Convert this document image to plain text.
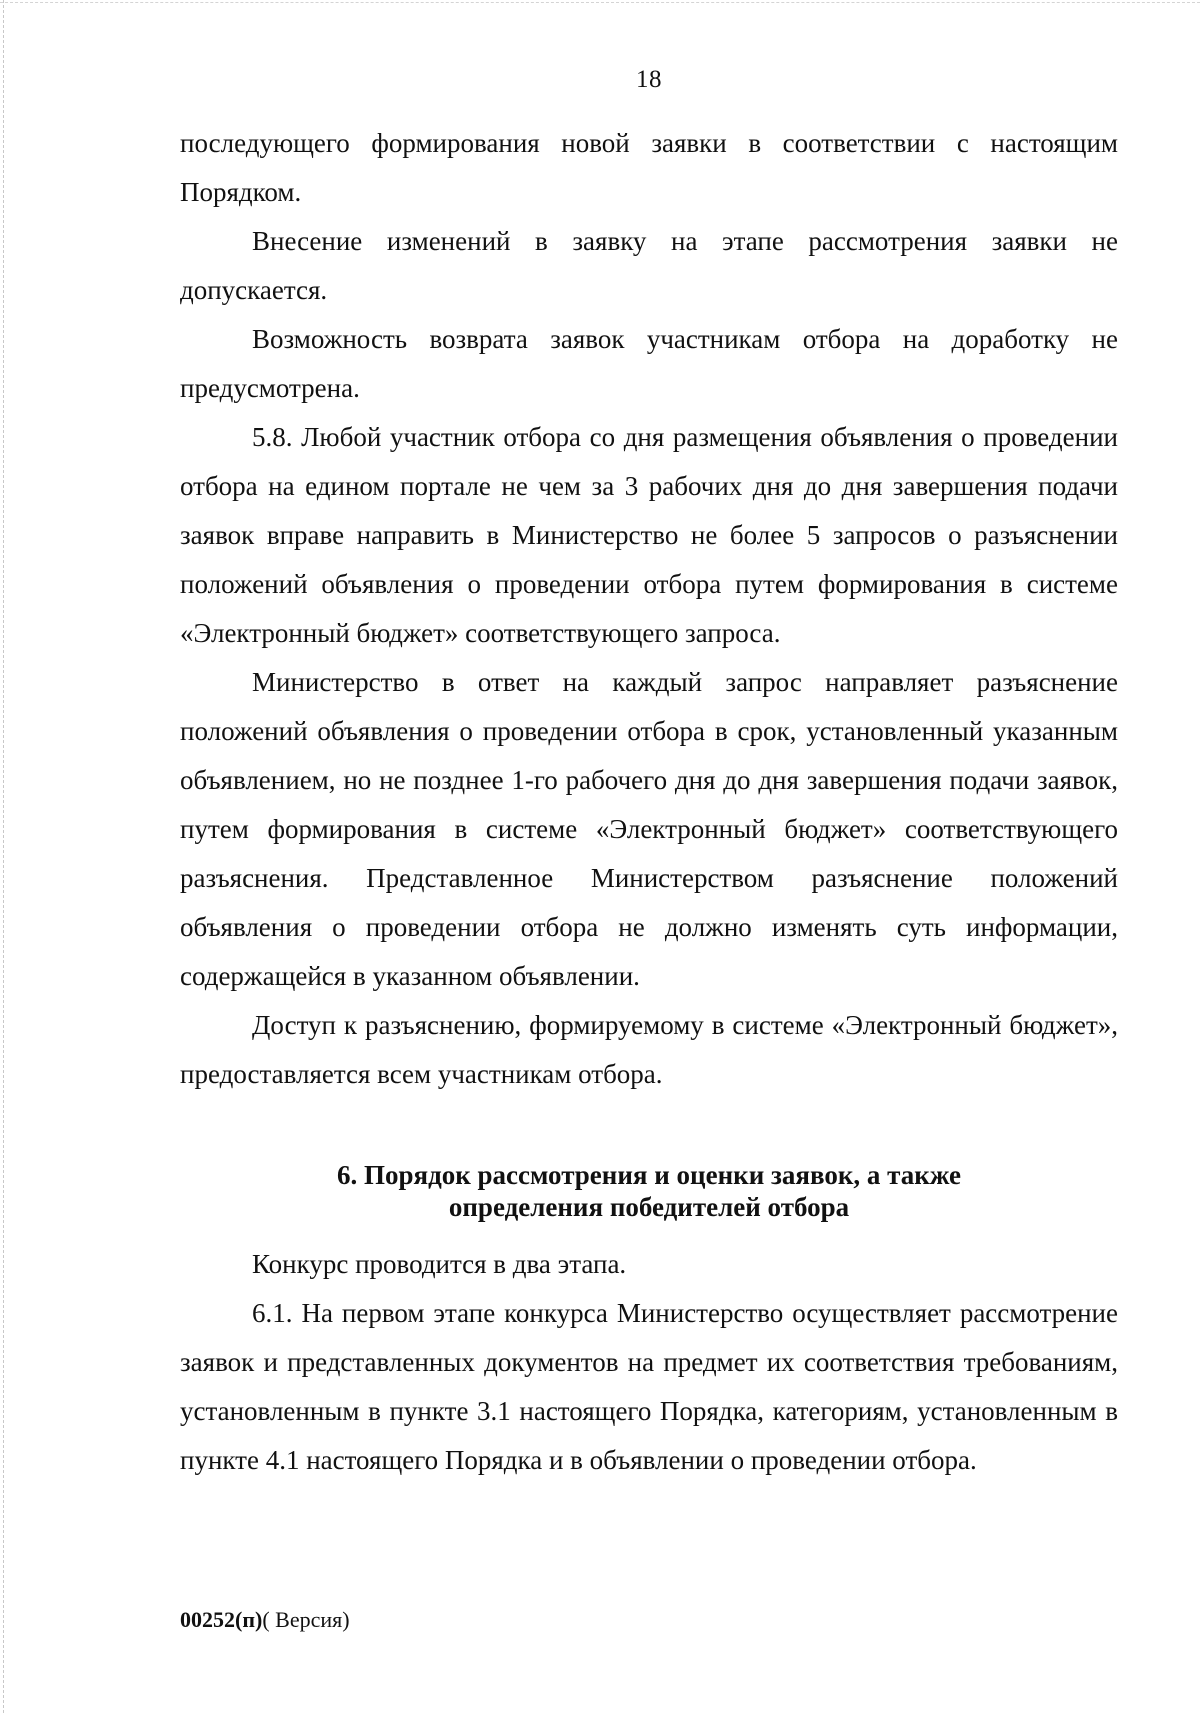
18

последующего формирования новой заявки в соответствии с настоящим Порядком.

Внесение изменений в заявку на этапе рассмотрения заявки не допускается.

Возможность возврата заявок участникам отбора на доработку не предусмотрена.

5.8. Любой участник отбора со дня размещения объявления о проведении отбора на едином портале не чем за 3 рабочих дня до дня завершения подачи заявок вправе направить в Министерство не более 5 запросов о разъяснении положений объявления о проведении отбора путем формирования в системе «Электронный бюджет» соответствующего запроса.

Министерство в ответ на каждый запрос направляет разъяснение положений объявления о проведении отбора в срок, установленный указанным объявлением, но не позднее 1-го рабочего дня до дня завершения подачи заявок, путем формирования в системе «Электронный бюджет» соответствующего разъяснения. Представленное Министерством разъяснение положений объявления о проведении отбора не должно изменять суть информации, содержащейся в указанном объявлении.

Доступ к разъяснению, формируемому в системе «Электронный бюджет», предоставляется всем участникам отбора.

6. Порядок рассмотрения и оценки заявок, а также
определения победителей отбора

Конкурс проводится в два этапа.

6.1. На первом этапе конкурса Министерство осуществляет рассмотрение заявок и представленных документов на предмет их соответствия требованиям, установленным в пункте 3.1 настоящего Порядка, категориям, установленным в пункте 4.1 настоящего Порядка и в объявлении о проведении отбора.

00252(п)( Версия)
